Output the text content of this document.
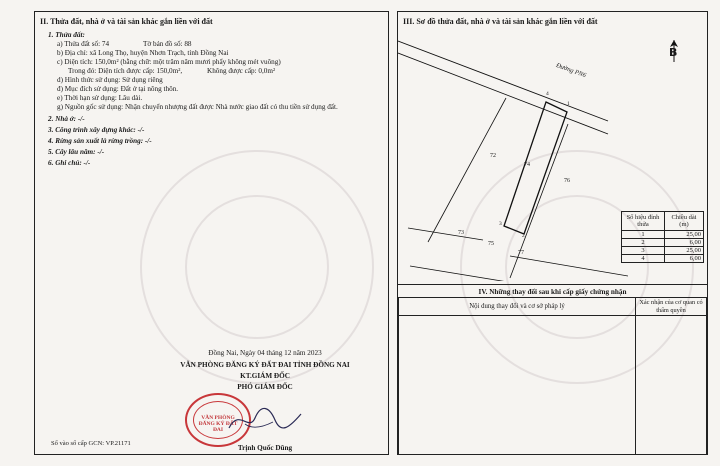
II. Thửa đất, nhà ở và tài sản khác gắn liền với đất
1. Thửa đất:
a) Thửa đất số: 74	Tờ bản đồ số: 88
b) Địa chỉ: xã Long Thọ, huyện Nhơn Trạch, tỉnh Đồng Nai
c) Diện tích: 150,0m² (bằng chữ: một trăm năm mươi phẩy không mét vuông)
Trong đó: Diện tích được cấp: 150,0m²,	Không được cấp: 0,0m²
d) Hình thức sử dụng: Sử dụng riêng
đ) Mục đích sử dụng: Đất ở tại nông thôn.
e) Thời hạn sử dụng: Lâu dài.
g) Nguồn gốc sử dụng: Nhận chuyển nhượng đất được Nhà nước giao đất có thu tiền sử dụng đất.
2. Nhà ở: -/-
3. Công trình xây dựng khác: -/-
4. Rừng sản xuất là rừng trồng: -/-
5. Cây lâu năm: -/-
6. Ghi chú: -/-
Đồng Nai, Ngày 04 tháng 12 năm 2023
VĂN PHÒNG ĐĂNG KÝ ĐẤT ĐAI TỈNH ĐỒNG NAI
KT.GIÁM ĐỐC
PHÓ GIÁM ĐỐC
VĂN PHÒNG ĐĂNG KÝ ĐẤT ĐAI
Trịnh Quốc Dũng
Số vào sổ cấp GCN: VP.21171
III. Sơ đồ thửa đất, nhà ở và tài sản khác gắn liền với đất
B
Đường PN6
72
74
76
73
75
77
4
1
3
2
Số hiệu đỉnh thửa	Chiều dài (m)
1	25,00
2	6,00
3	25,00
4	6,00
IV. Những thay đổi sau khi cấp giấy chứng nhận
Nội dung thay đổi và cơ sở pháp lý	Xác nhận của cơ quan có thẩm quyền
